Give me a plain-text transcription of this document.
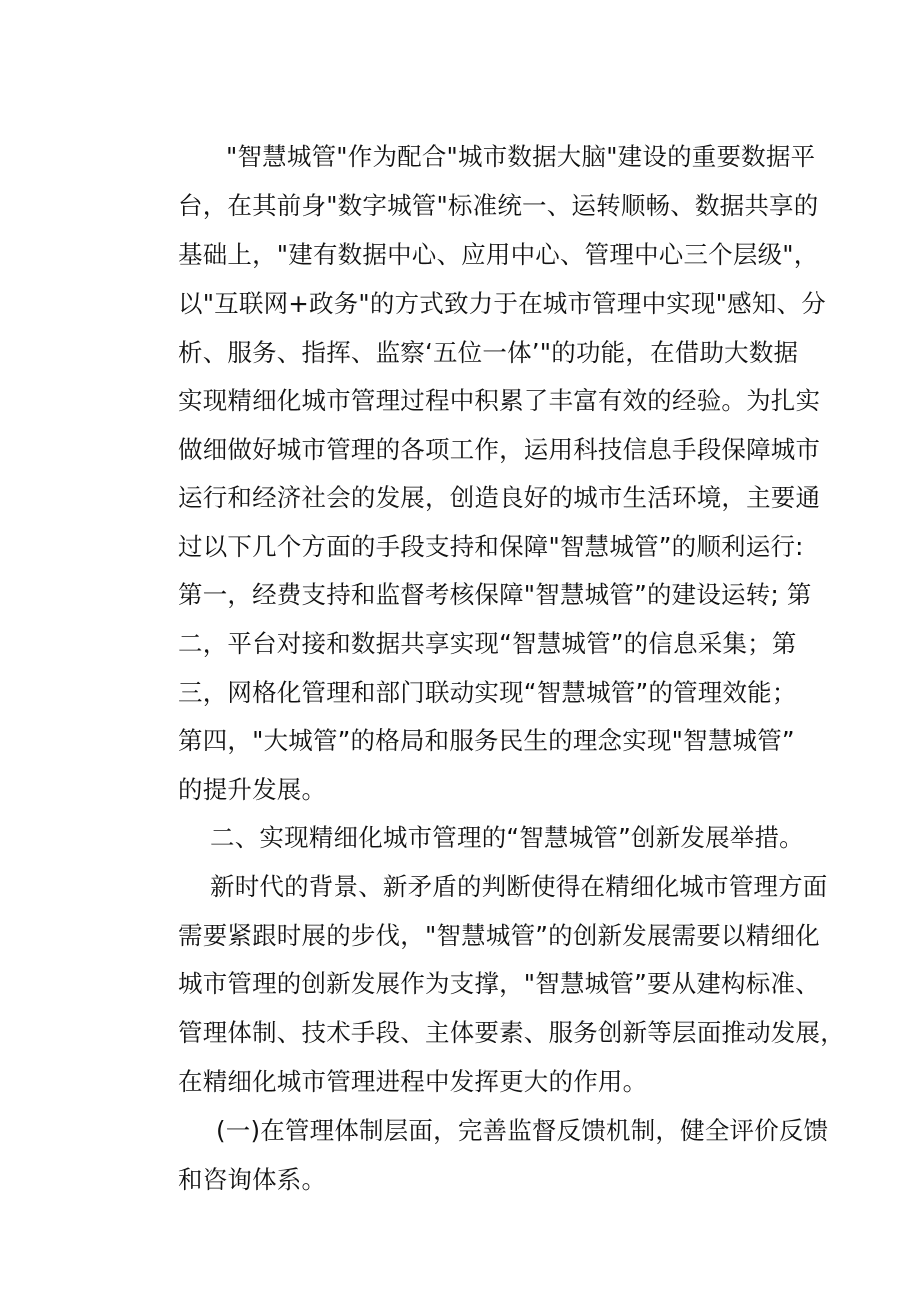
"智慧城管"作为配合"城市数据大脑"建设的重要数据平
台，在其前身"数字城管"标准统一、运转顺畅、数据共享的
基础上，"建有数据中心、应用中心、管理中心三个层级"，
以"互联网+政务"的方式致力于在城市管理中实现"感知、分
析、服务、指挥、监察‘五位一体’"的功能，在借助大数据
实现精细化城市管理过程中积累了丰富有效的经验。为扎实
做细做好城市管理的各项工作，运用科技信息手段保障城市
运行和经济社会的发展，创造良好的城市生活环境，主要通
过以下几个方面的手段支持和保障"智慧城管”的顺利运行:
第一，经费支持和监督考核保障"智慧城管”的建设运转; 第
二，平台对接和数据共享实现“智慧城管”的信息采集；第
三，网格化管理和部门联动实现“智慧城管”的管理效能；
第四，"大城管”的格局和服务民生的理念实现"智慧城管”
的提升发展。
二、实现精细化城市管理的“智慧城管”创新发展举措。
新时代的背景、新矛盾的判断使得在精细化城市管理方面
需要紧跟时展的步伐，"智慧城管”的创新发展需要以精细化
城市管理的创新发展作为支撑，"智慧城管”要从建构标准、
管理体制、技术手段、主体要素、服务创新等层面推动发展，
在精细化城市管理进程中发挥更大的作用。
(一)在管理体制层面，完善监督反馈机制，健全评价反馈
和咨询体系。
